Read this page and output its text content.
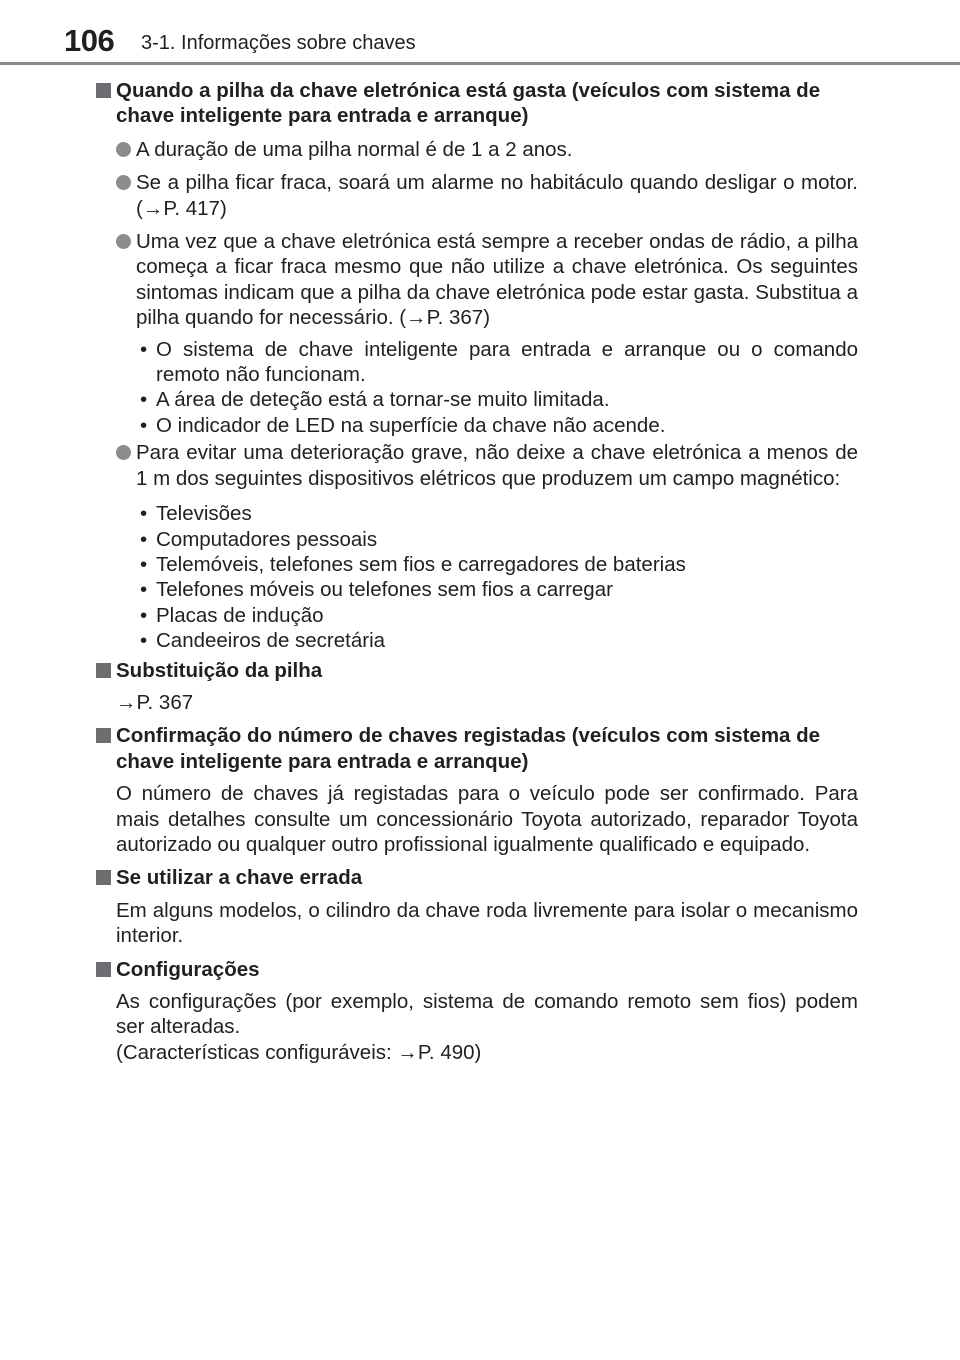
106 3-1. Informações sobre chaves
Quando a pilha da chave eletrónica está gasta (veículos com sistema de chave inteligente para entrada e arranque)
A duração de uma pilha normal é de 1 a 2 anos.
Se a pilha ficar fraca, soará um alarme no habitáculo quando desligar o motor. (→P. 417)
Uma vez que a chave eletrónica está sempre a receber ondas de rádio, a pilha começa a ficar fraca mesmo que não utilize a chave eletrónica. Os seguintes sintomas indicam que a pilha da chave eletrónica pode estar gasta. Substitua a pilha quando for necessário. (→P. 367)
• O sistema de chave inteligente para entrada e arranque ou o comando remoto não funcionam.
• A área de deteção está a tornar-se muito limitada.
• O indicador de LED na superfície da chave não acende.
Para evitar uma deterioração grave, não deixe a chave eletrónica a menos de 1 m dos seguintes dispositivos elétricos que produzem um campo magnético:
• Televisões
• Computadores pessoais
• Telemóveis, telefones sem fios e carregadores de baterias
• Telefones móveis ou telefones sem fios a carregar
• Placas de indução
• Candeeiros de secretária
Substituição da pilha
→P. 367
Confirmação do número de chaves registadas (veículos com sistema de chave inteligente para entrada e arranque)
O número de chaves já registadas para o veículo pode ser confirmado. Para mais detalhes consulte um concessionário Toyota autorizado, reparador Toyota autorizado ou qualquer outro profissional igualmente qualificado e equipado.
Se utilizar a chave errada
Em alguns modelos, o cilindro da chave roda livremente para isolar o mecanismo interior.
Configurações
As configurações (por exemplo, sistema de comando remoto sem fios) podem ser alteradas.
(Características configuráveis: →P. 490)
